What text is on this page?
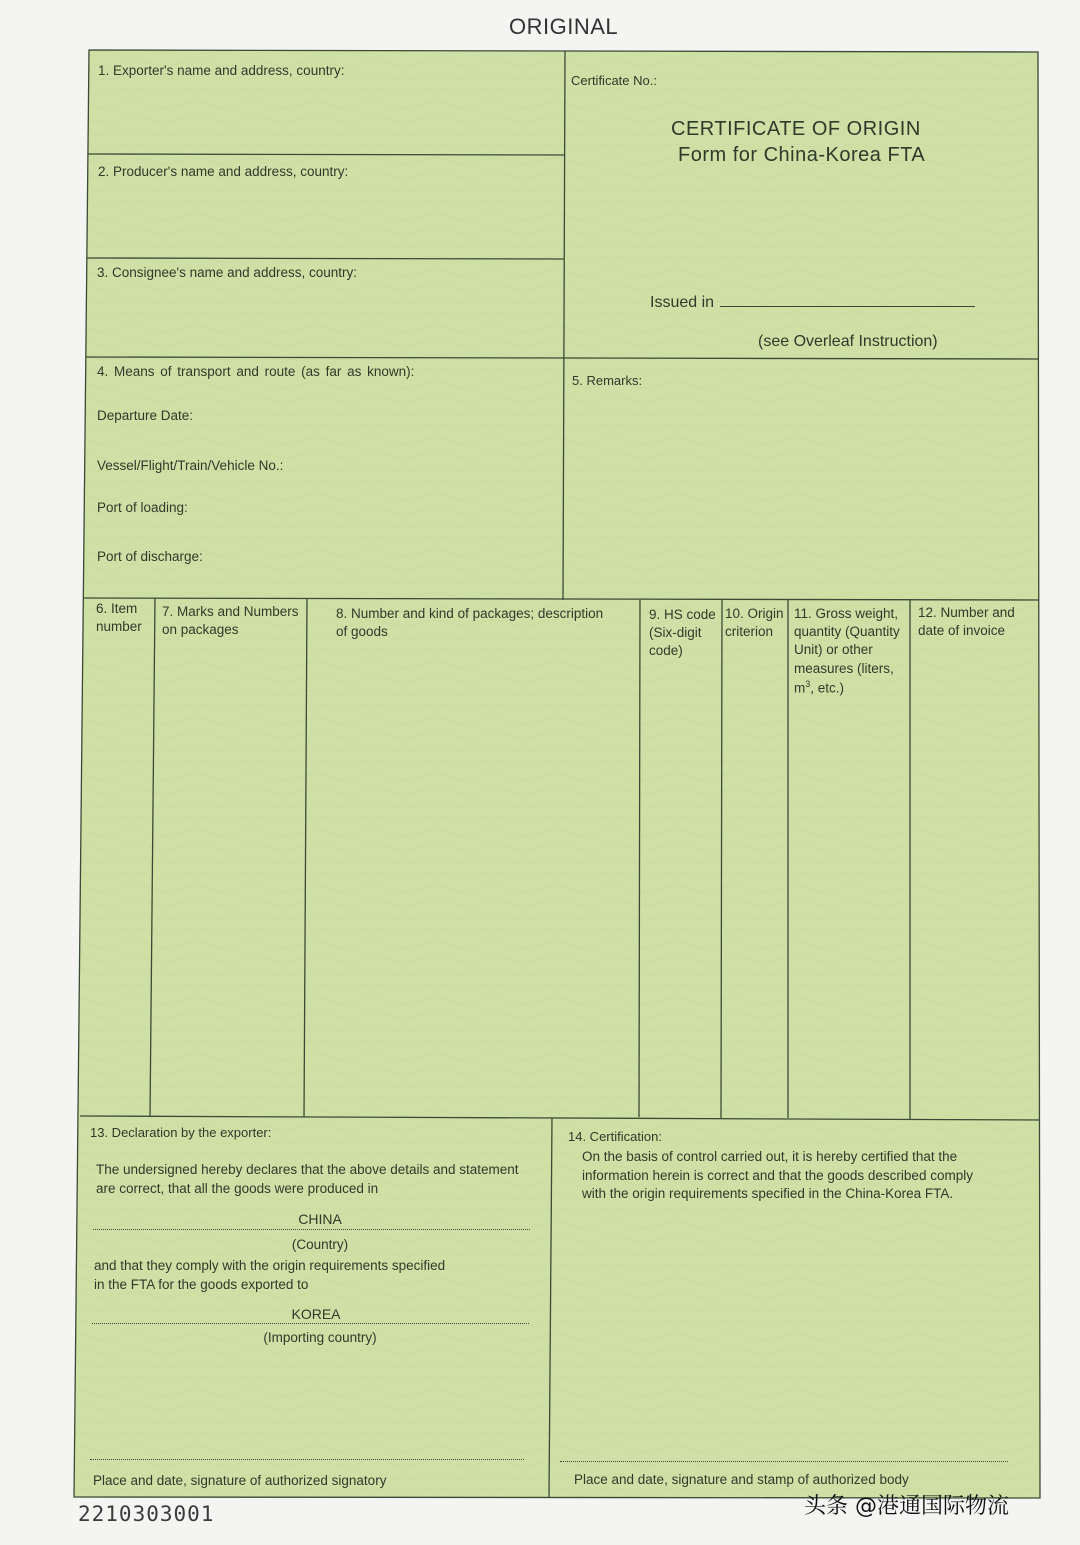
ORIGINAL
1. Exporter's name and address, country:
2. Producer's name and address, country:
3. Consignee's name and address, country:
Certificate No.:
CERTIFICATE OF ORIGIN
Form for China-Korea FTA
Issued in
(see Overleaf Instruction)
4. Means of transport and route (as far as known):
Departure Date:
Vessel/Flight/Train/Vehicle No.:
Port of loading:
Port of discharge:
5. Remarks:
6. Item
number
7. Marks and Numbers
on packages
8. Number and kind of packages; description
of goods
9. HS code
(Six-digit
code)
10. Origin
criterion
11. Gross weight,
quantity (Quantity
Unit) or other
measures (liters,
$m^3$, etc.)
12. Number and
date of invoice
13. Declaration by the exporter:
The undersigned hereby declares that the above details and statement
are correct, that all the goods were produced in
CHINA
(Country)
and that they comply with the origin requirements specified
in the FTA for the goods exported to
KOREA
(Importing country)
Place and date, signature of authorized signatory
14. Certification:
On the basis of control carried out, it is hereby certified that the
information herein is correct and that the goods described comply
with the origin requirements specified in the China-Korea FTA.
Place and date, signature and stamp of authorized body
2210303001	头条 @港通国际物流
